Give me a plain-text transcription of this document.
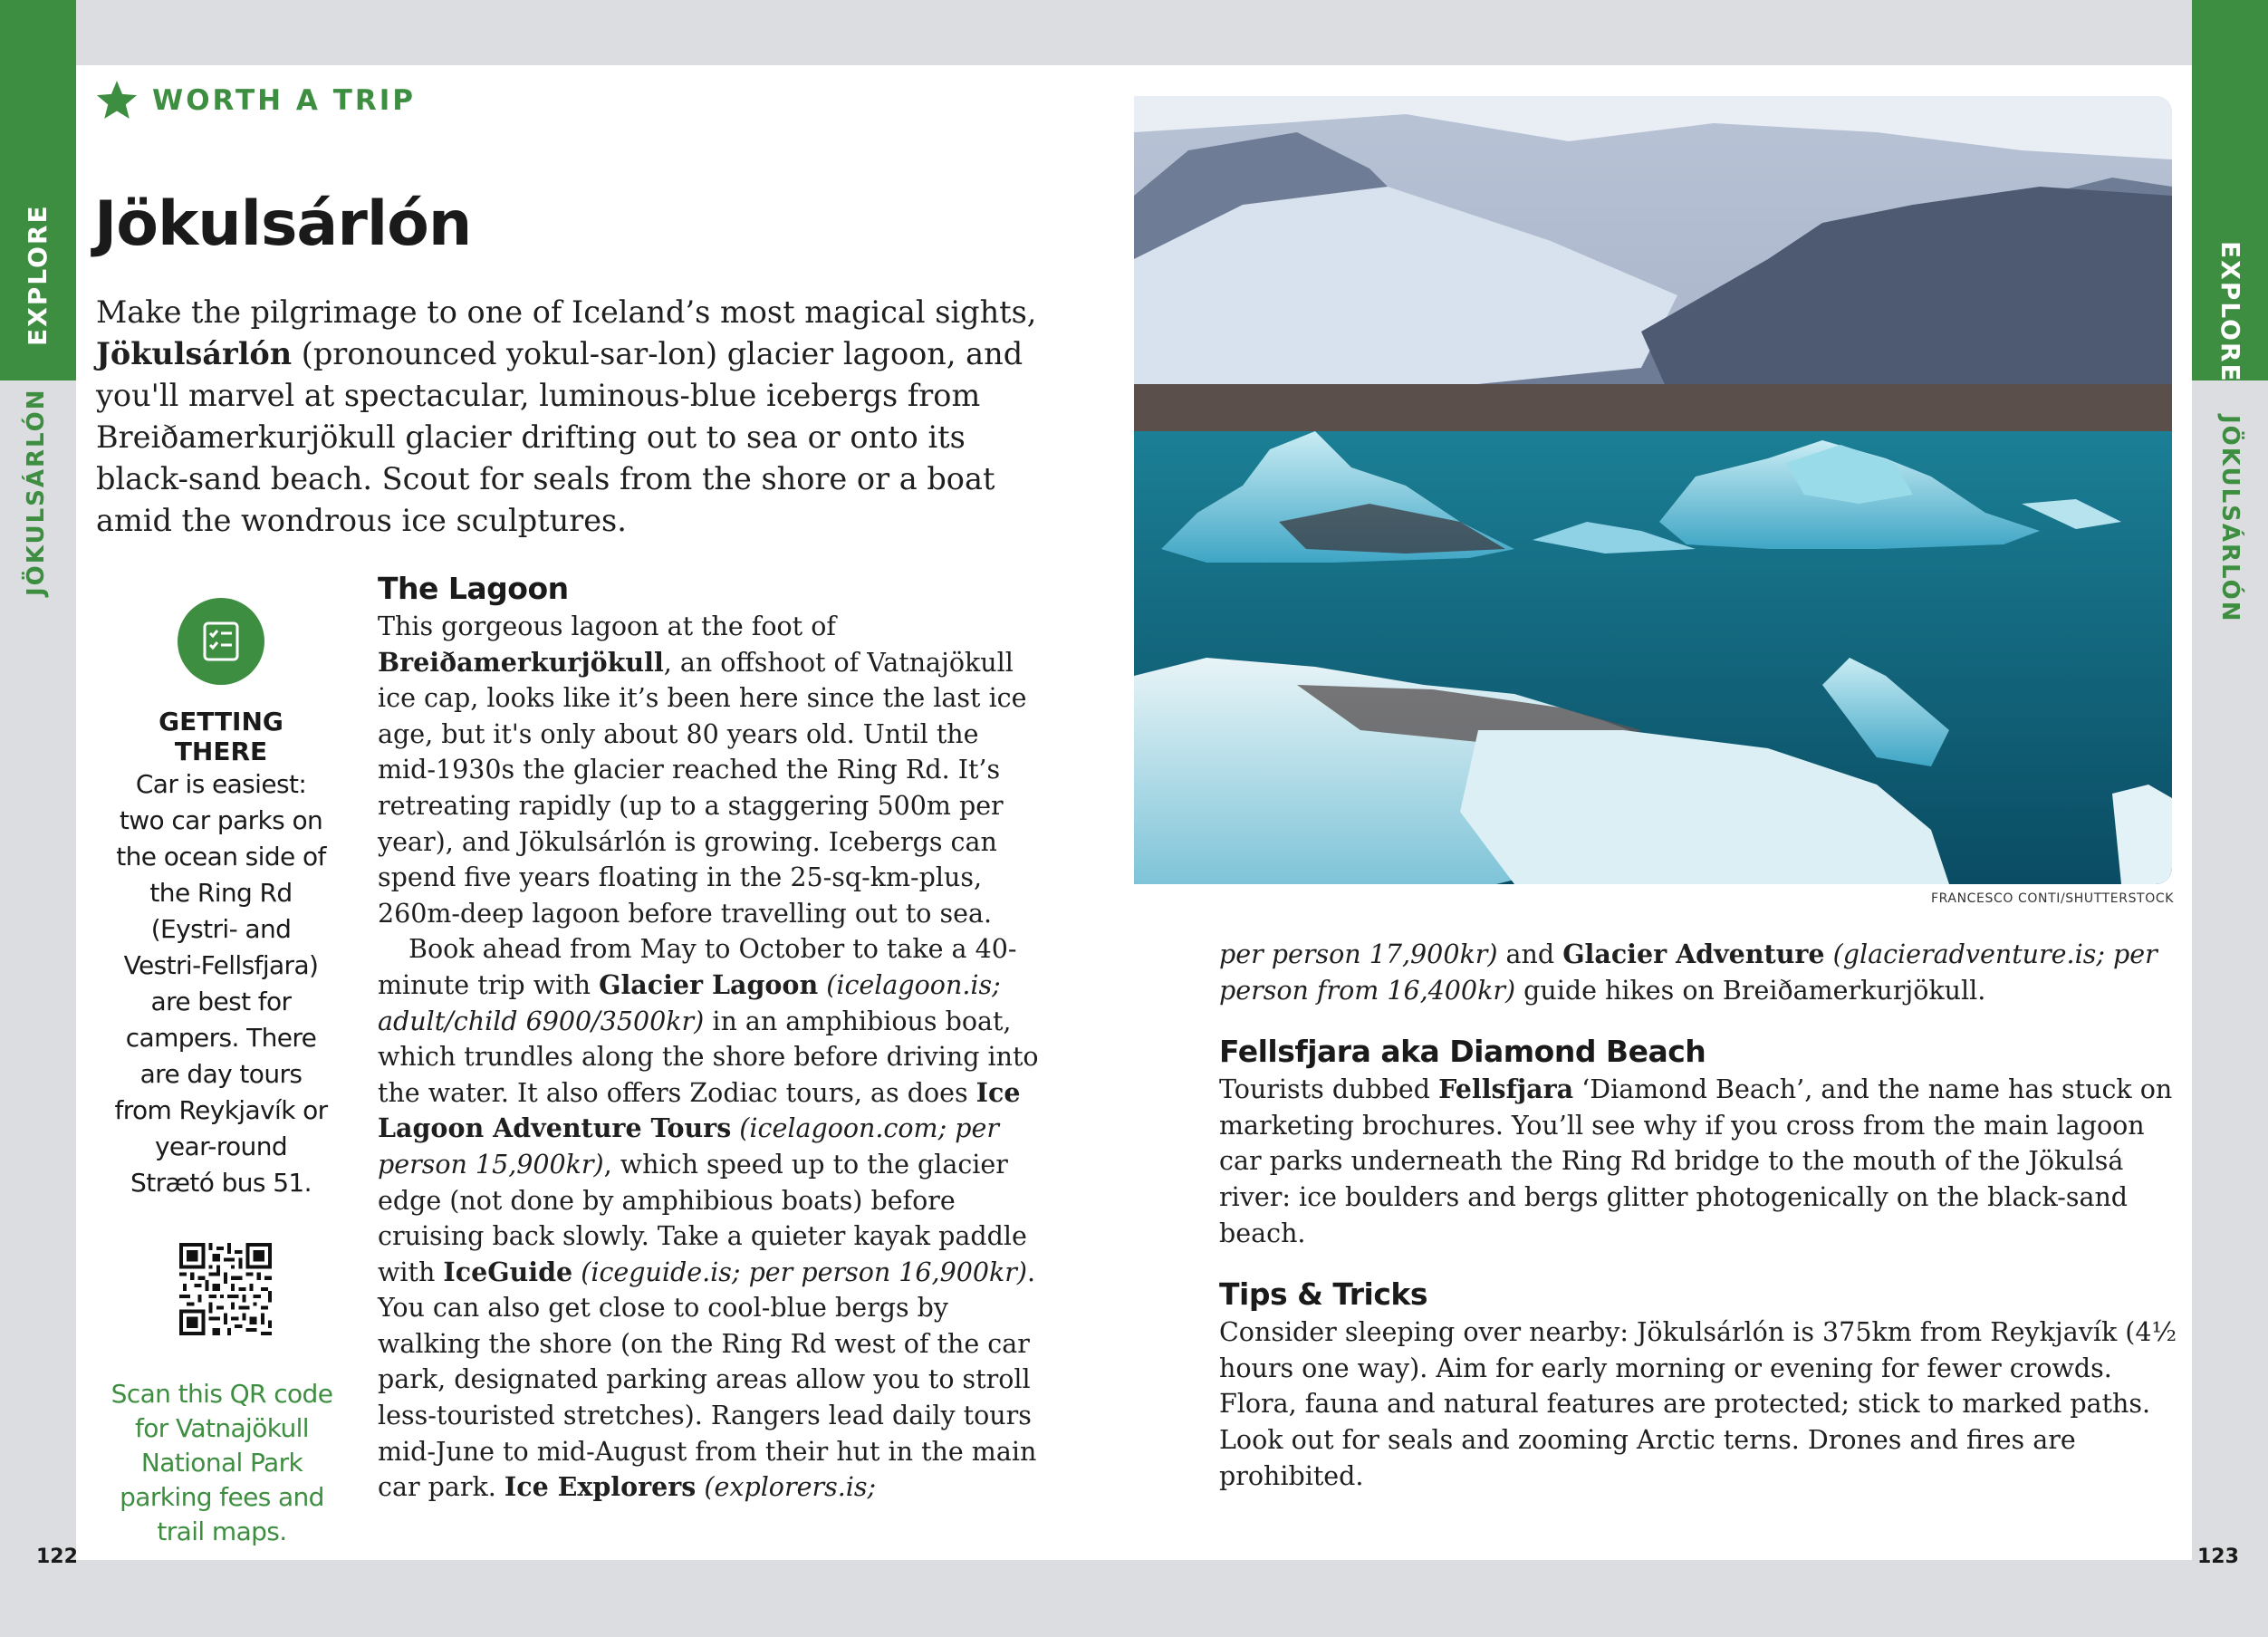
EXPLORE
JÖKULSÁRLÓN
EXPLORE
JÖKULSÁRLÓN
WORTH A TRIP
Jökulsárlón

Make the pilgrimage to one of Iceland’s most magical sights, Jökulsárlón (pronounced yokul-sar-lon) glacier lagoon, and you'll marvel at spectacular, luminous-blue icebergs from Breiðamerkurjökull glacier drifting out to sea or onto its black-sand beach. Scout for seals from the shore or a boat amid the wondrous ice sculptures.

GETTING THERE
Car is easiest: two car parks on the ocean side of the Ring Rd (Eystri- and Vestri-Fellsfjara) are best for campers. There are day tours from Reykjavík or year-round Strætó bus 51.
Scan this QR code for Vatnajökull National Park parking fees and trail maps.
The Lagoon

This gorgeous lagoon at the foot of Breiðamerkurjökull, an offshoot of Vatnajökull ice cap, looks like it’s been here since the last ice age, but it's only about 80 years old. Until the mid-1930s the glacier reached the Ring Rd. It’s retreating rapidly (up to a staggering 500m per year), and Jökulsárlón is growing. Icebergs can spend five years floating in the 25-sq-km-plus, 260m-deep lagoon before travelling out to sea.

Book ahead from May to October to take a 40-minute trip with Glacier Lagoon (icelagoon.is; adult/child 6900/3500kr) in an amphibious boat, which trundles along the shore before driving into the water. It also offers Zodiac tours, as does Ice Lagoon Adventure Tours (icelagoon.com; per person 15,900kr), which speed up to the glacier edge (not done by amphibious boats) before cruising back slowly. Take a quieter kayak paddle with IceGuide (iceguide.is; per person 16,900kr). You can also get close to cool-blue bergs by walking the shore (on the Ring Rd west of the car park, designated parking areas allow you to stroll less-touristed stretches). Rangers lead daily tours mid-June to mid-August from their hut in the main car park. Ice Explorers (explorers.is;

FRANCESCO CONTI/SHUTTERSTOCK

per person 17,900kr) and Glacier Adventure (glacieradventure.is; per person from 16,400kr) guide hikes on Breiðamerkurjökull.

Fellsfjara aka Diamond Beach

Tourists dubbed Fellsfjara ‘Diamond Beach’, and the name has stuck on marketing brochures. You’ll see why if you cross from the main lagoon car parks underneath the Ring Rd bridge to the mouth of the Jökulsá river: ice boulders and bergs glitter photogenically on the black-sand beach.

Tips & Tricks

Consider sleeping over nearby: Jökulsárlón is 375km from Reykjavík (4½ hours one way). Aim for early morning or evening for fewer crowds. Flora, fauna and natural features are protected; stick to marked paths. Look out for seals and zooming Arctic terns. Drones and fires are prohibited.

122	123
